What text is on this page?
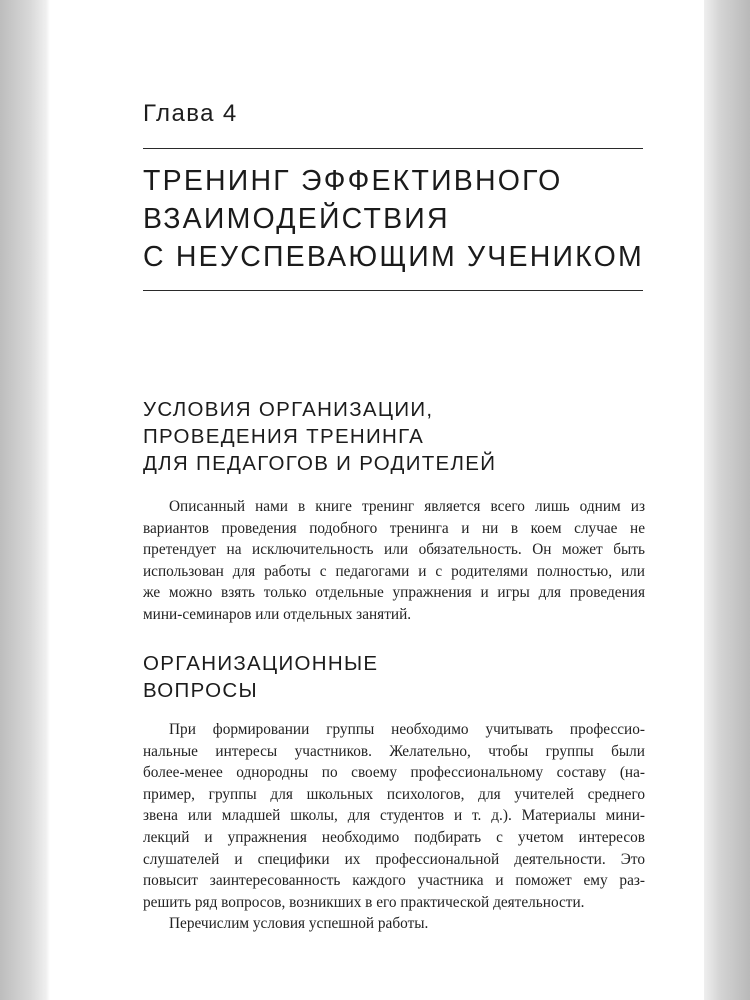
Глава 4
ТРЕНИНГ ЭФФЕКТИВНОГО
ВЗАИМОДЕЙСТВИЯ
С НЕУСПЕВАЮЩИМ УЧЕНИКОМ
УСЛОВИЯ ОРГАНИЗАЦИИ,
ПРОВЕДЕНИЯ ТРЕНИНГА
ДЛЯ ПЕДАГОГОВ И РОДИТЕЛЕЙ
Описанный нами в книге тренинг является всего лишь одним из
вариантов проведения подобного тренинга и ни в коем случае не
претендует на исключительность или обязательность. Он может быть
использован для работы с педагогами и с родителями полностью, или
же можно взять только отдельные упражнения и игры для проведения
мини-семинаров или отдельных занятий.
ОРГАНИЗАЦИОННЫЕ
ВОПРОСЫ
При формировании группы необходимо учитывать профессио-
нальные интересы участников. Желательно, чтобы группы были
более-менее однородны по своему профессиональному составу (на-
пример, группы для школьных психологов, для учителей среднего
звена или младшей школы, для студентов и т. д.). Материалы мини-
лекций и упражнения необходимо подбирать с учетом интересов
слушателей и специфики их профессиональной деятельности. Это
повысит заинтересованность каждого участника и поможет ему раз-
решить ряд вопросов, возникших в его практической деятельности.
Перечислим условия успешной работы.
